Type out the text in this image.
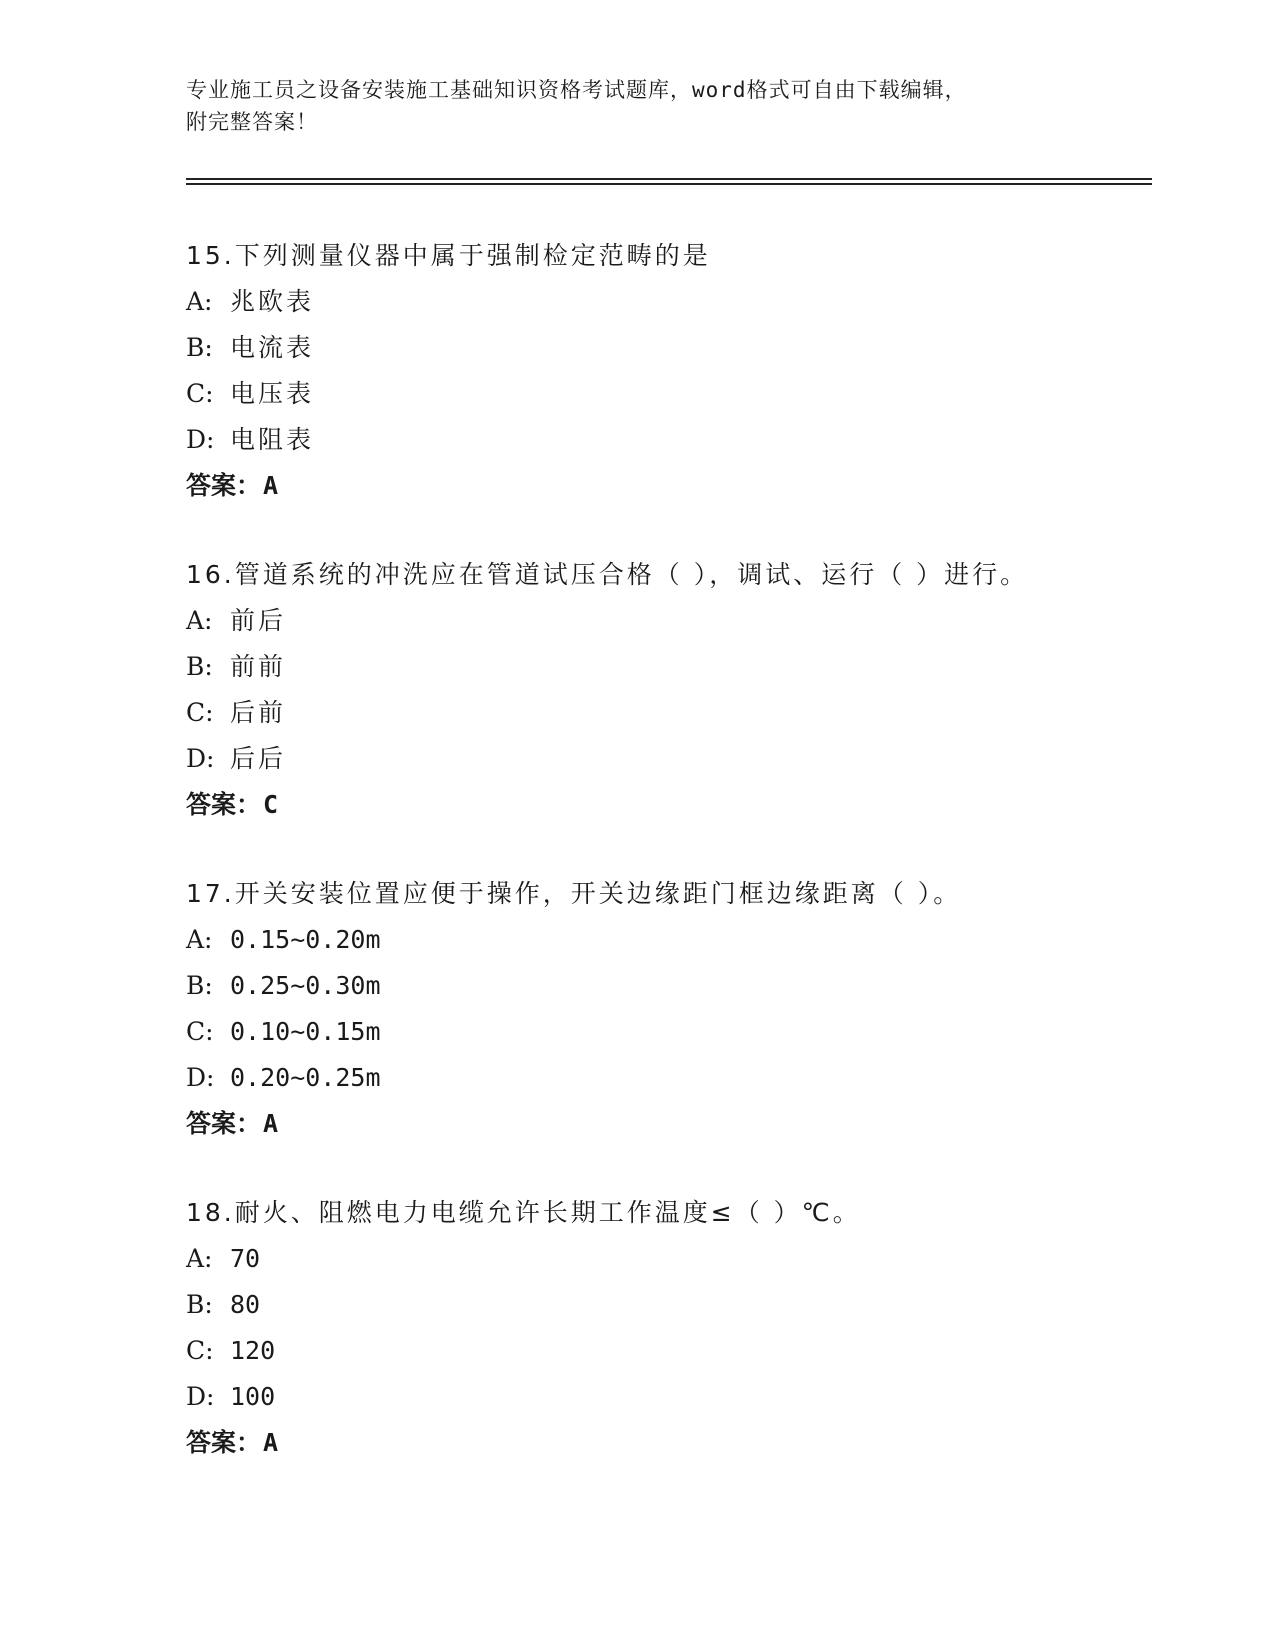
专业施工员之设备安装施工基础知识资格考试题库，word格式可自由下载编辑，
附完整答案！
15.下列测量仪器中属于强制检定范畴的是
A: 兆欧表
B: 电流表
C: 电压表
D: 电阻表
答案：A
16.管道系统的冲洗应在管道试压合格（ ），调试、运行（ ）进行。
A: 前后
B: 前前
C: 后前
D: 后后
答案：C
17.开关安装位置应便于操作，开关边缘距门框边缘距离（ ）。
A: 0.15~0.20m
B: 0.25~0.30m
C: 0.10~0.15m
D: 0.20~0.25m
答案：A
18.耐火、阻燃电力电缆允许长期工作温度≤（ ）℃。
A: 70
B: 80
C: 120
D: 100
答案：A
